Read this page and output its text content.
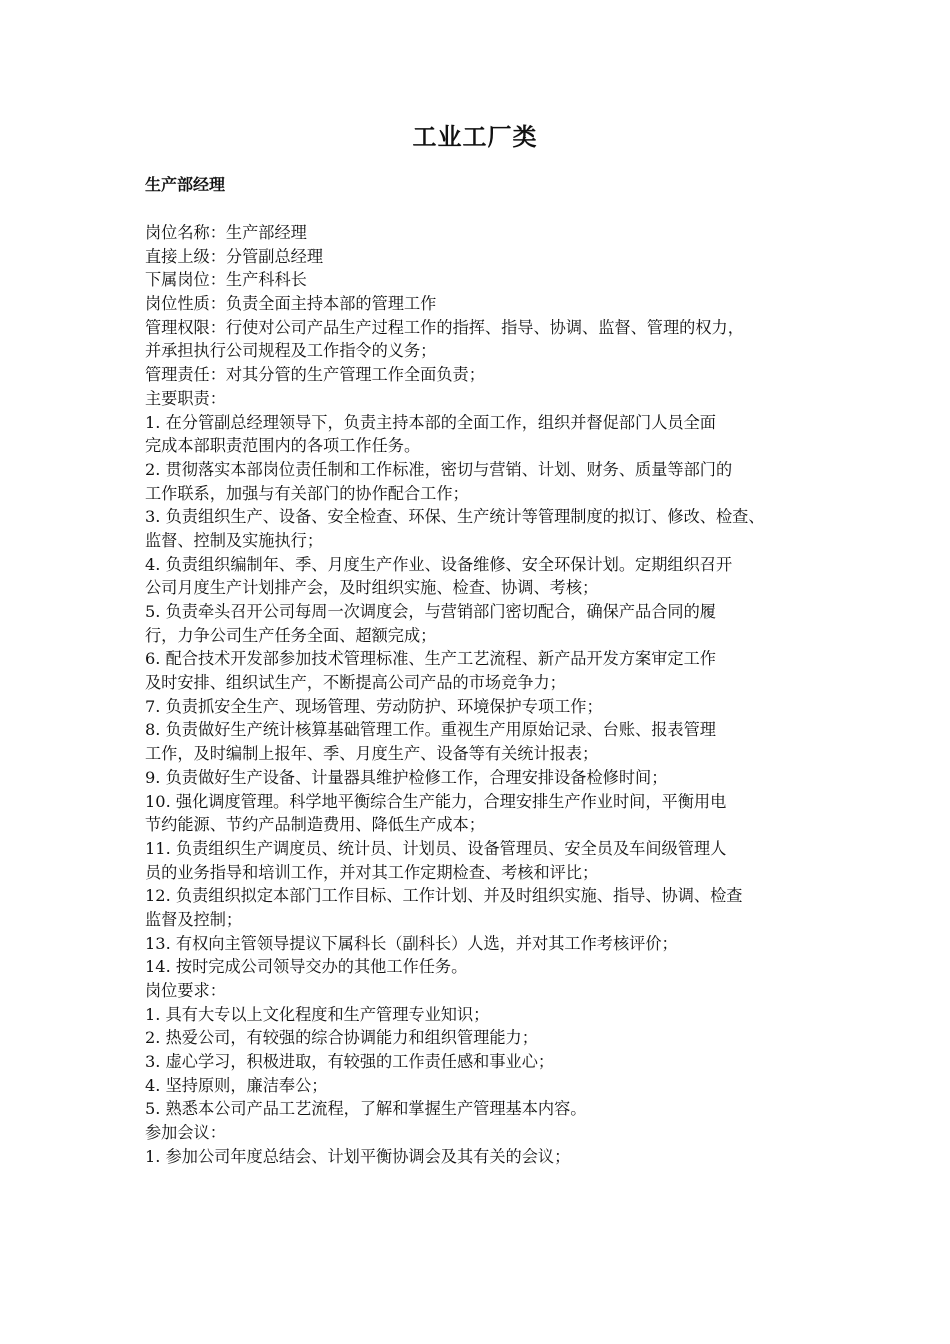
工业工厂类
生产部经理
岗位名称：生产部经理
直接上级：分管副总经理
下属岗位：生产科科长
岗位性质：负责全面主持本部的管理工作
管理权限：行使对公司产品生产过程工作的指挥、指导、协调、监督、管理的权力，
并承担执行公司规程及工作指令的义务；
管理责任：对其分管的生产管理工作全面负责；
主要职责：
1. 在分管副总经理领导下，负责主持本部的全面工作，组织并督促部门人员全面
完成本部职责范围内的各项工作任务。
2. 贯彻落实本部岗位责任制和工作标准，密切与营销、计划、财务、质量等部门的
工作联系，加强与有关部门的协作配合工作；
3. 负责组织生产、设备、安全检查、环保、生产统计等管理制度的拟订、修改、检查、
监督、控制及实施执行；
4. 负责组织编制年、季、月度生产作业、设备维修、安全环保计划。定期组织召开
公司月度生产计划排产会，及时组织实施、检查、协调、考核；
5. 负责牵头召开公司每周一次调度会，与营销部门密切配合，确保产品合同的履
行，力争公司生产任务全面、超额完成；
6. 配合技术开发部参加技术管理标准、生产工艺流程、新产品开发方案审定工作
及时安排、组织试生产，不断提高公司产品的市场竞争力；
7. 负责抓安全生产、现场管理、劳动防护、环境保护专项工作；
8. 负责做好生产统计核算基础管理工作。重视生产用原始记录、台账、报表管理
工作，及时编制上报年、季、月度生产、设备等有关统计报表；
9. 负责做好生产设备、计量器具维护检修工作，合理安排设备检修时间；
10. 强化调度管理。科学地平衡综合生产能力，合理安排生产作业时间，平衡用电
节约能源、节约产品制造费用、降低生产成本；
11. 负责组织生产调度员、统计员、计划员、设备管理员、安全员及车间级管理人
员的业务指导和培训工作，并对其工作定期检查、考核和评比；
12. 负责组织拟定本部门工作目标、工作计划、并及时组织实施、指导、协调、检查
监督及控制；
13. 有权向主管领导提议下属科长（副科长）人选，并对其工作考核评价；
14. 按时完成公司领导交办的其他工作任务。
岗位要求：
1. 具有大专以上文化程度和生产管理专业知识；
2. 热爱公司，有较强的综合协调能力和组织管理能力；
3. 虚心学习，积极进取，有较强的工作责任感和事业心；
4. 坚持原则，廉洁奉公；
5. 熟悉本公司产品工艺流程，了解和掌握生产管理基本内容。
参加会议：
1. 参加公司年度总结会、计划平衡协调会及其有关的会议；
